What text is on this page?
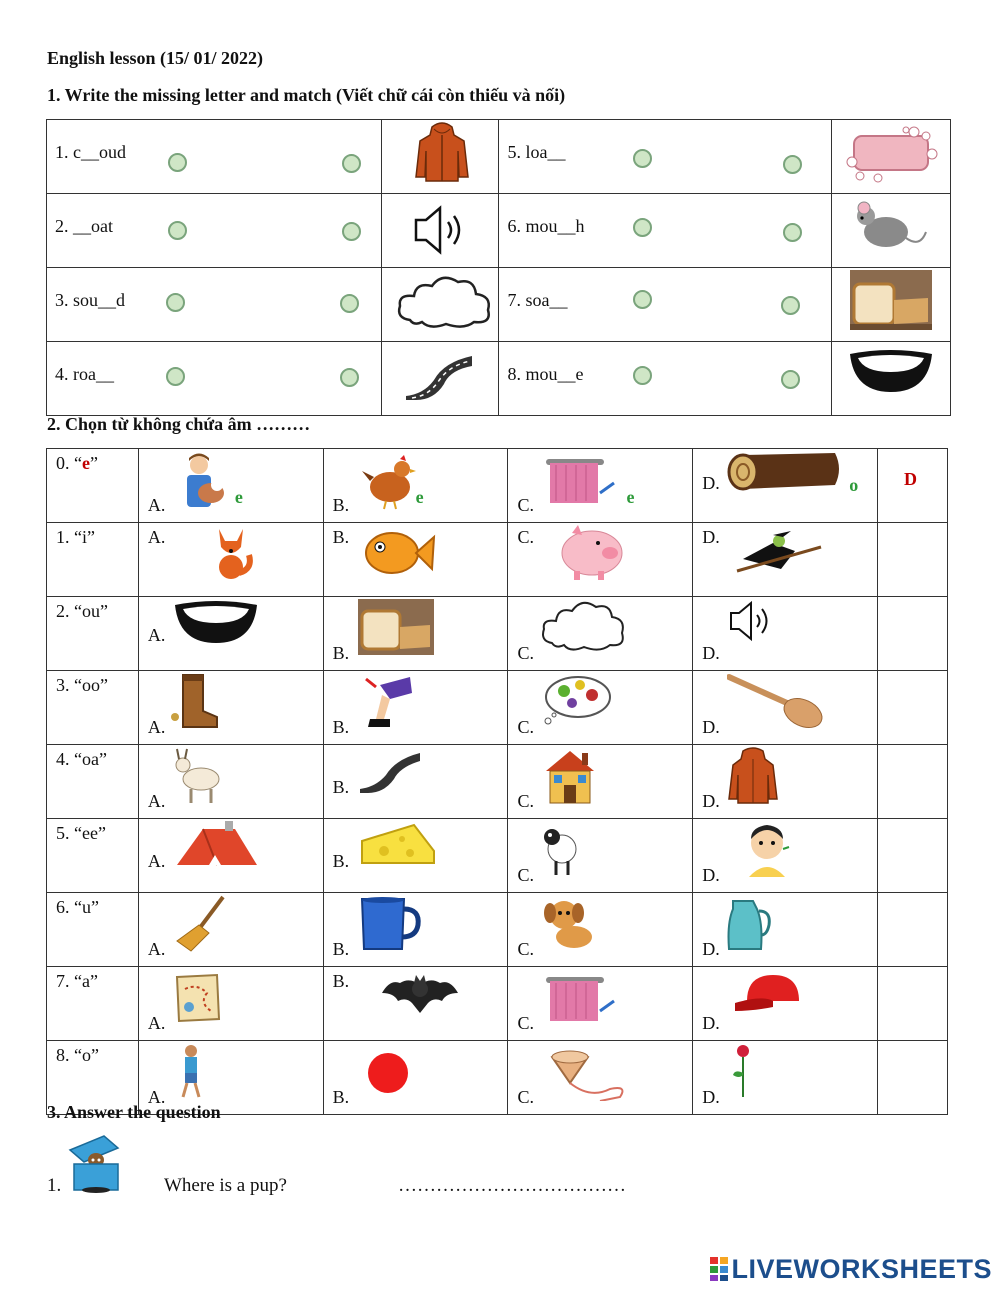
English lesson (15/ 01/ 2022)
1. Write the missing letter and match (Viết chữ cái còn thiếu và nối)
1. c__oud		5. loa__

2. __oat		6. mou__h

3. sou__d		7. soa__

4. roa__		8. mou__e

2. Chọn từ không chứa âm ………
0. “e”	A. e	B. e	C. e	D. o	D

1. “i”	A.	B.	C.	D.	

2. “ou”	A.	B.	C.	D.	

3. “oo”	A.	B.	C.	D.	

4. “oa”	A.	B.	C.	D.	

5. “ee”	A.	B.	C.	D.	

6. “u”	A.	B.	C.	D.	

7. “a”	A.	B.	C.	D.	

8. “o”	A.	B.	C.	D.	

3. Answer the question
1.	Where is a pup?	………………………………
LIVEWORKSHEETS
